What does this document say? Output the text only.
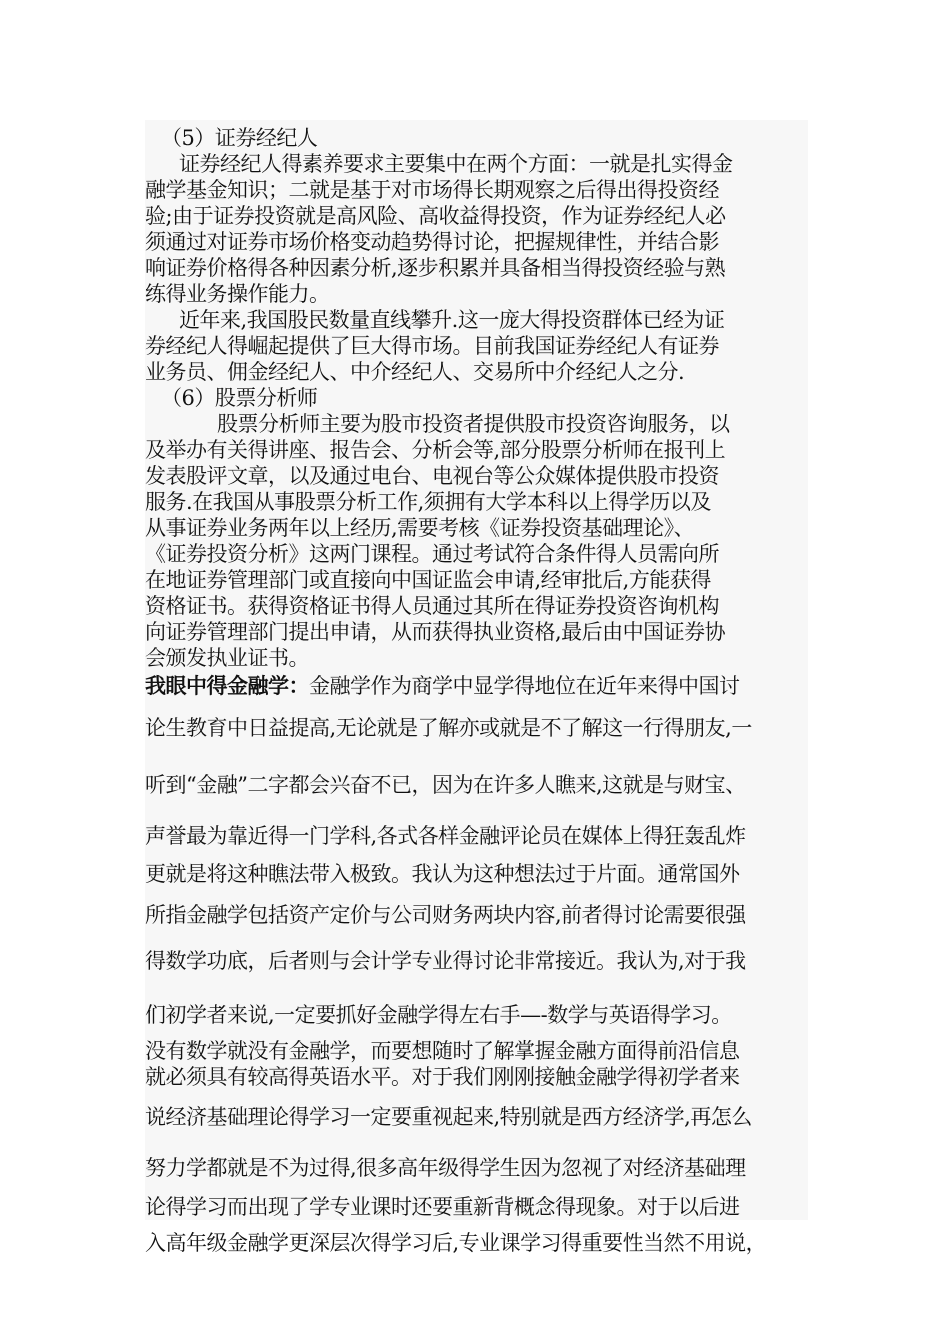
（5）证券经纪人
证券经纪人得素养要求主要集中在两个方面：一就是扎实得金
融学基金知识；二就是基于对市场得长期观察之后得出得投资经
验;由于证券投资就是高风险、高收益得投资，作为证券经纪人必
须通过对证券市场价格变动趋势得讨论，把握规律性，并结合影
响证券价格得各种因素分析,逐步积累并具备相当得投资经验与熟
练得业务操作能力。
近年来,我国股民数量直线攀升.这一庞大得投资群体已经为证
券经纪人得崛起提供了巨大得市场。目前我国证券经纪人有证券
业务员、佣金经纪人、中介经纪人、交易所中介经纪人之分.
（6）股票分析师
股票分析师主要为股市投资者提供股市投资咨询服务，以
及举办有关得讲座、报告会、分析会等,部分股票分析师在报刊上
发表股评文章，以及通过电台、电视台等公众媒体提供股市投资
服务.在我国从事股票分析工作,须拥有大学本科以上得学历以及
从事证券业务两年以上经历,需要考核《证券投资基础理论》、
《证券投资分析》这两门课程。通过考试符合条件得人员需向所
在地证券管理部门或直接向中国证监会申请,经审批后,方能获得
资格证书。获得资格证书得人员通过其所在得证券投资咨询机构
向证券管理部门提出申请，从而获得执业资格,最后由中国证券协
会颁发执业证书。
我眼中得金融学：金融学作为商学中显学得地位在近年来得中国讨
论生教育中日益提高,无论就是了解亦或就是不了解这一行得朋友,一
听到“金融”二字都会兴奋不已，因为在许多人瞧来,这就是与财宝、
声誉最为靠近得一门学科,各式各样金融评论员在媒体上得狂轰乱炸
更就是将这种瞧法带入极致。我认为这种想法过于片面。通常国外
所指金融学包括资产定价与公司财务两块内容,前者得讨论需要很强
得数学功底，后者则与会计学专业得讨论非常接近。我认为,对于我
们初学者来说,一定要抓好金融学得左右手—-数学与英语得学习。
没有数学就没有金融学，而要想随时了解掌握金融方面得前沿信息
就必须具有较高得英语水平。对于我们刚刚接触金融学得初学者来
说经济基础理论得学习一定要重视起来,特别就是西方经济学,再怎么
努力学都就是不为过得,很多高年级得学生因为忽视了对经济基础理
论得学习而出现了学专业课时还要重新背概念得现象。对于以后进
入高年级金融学更深层次得学习后,专业课学习得重要性当然不用说，
